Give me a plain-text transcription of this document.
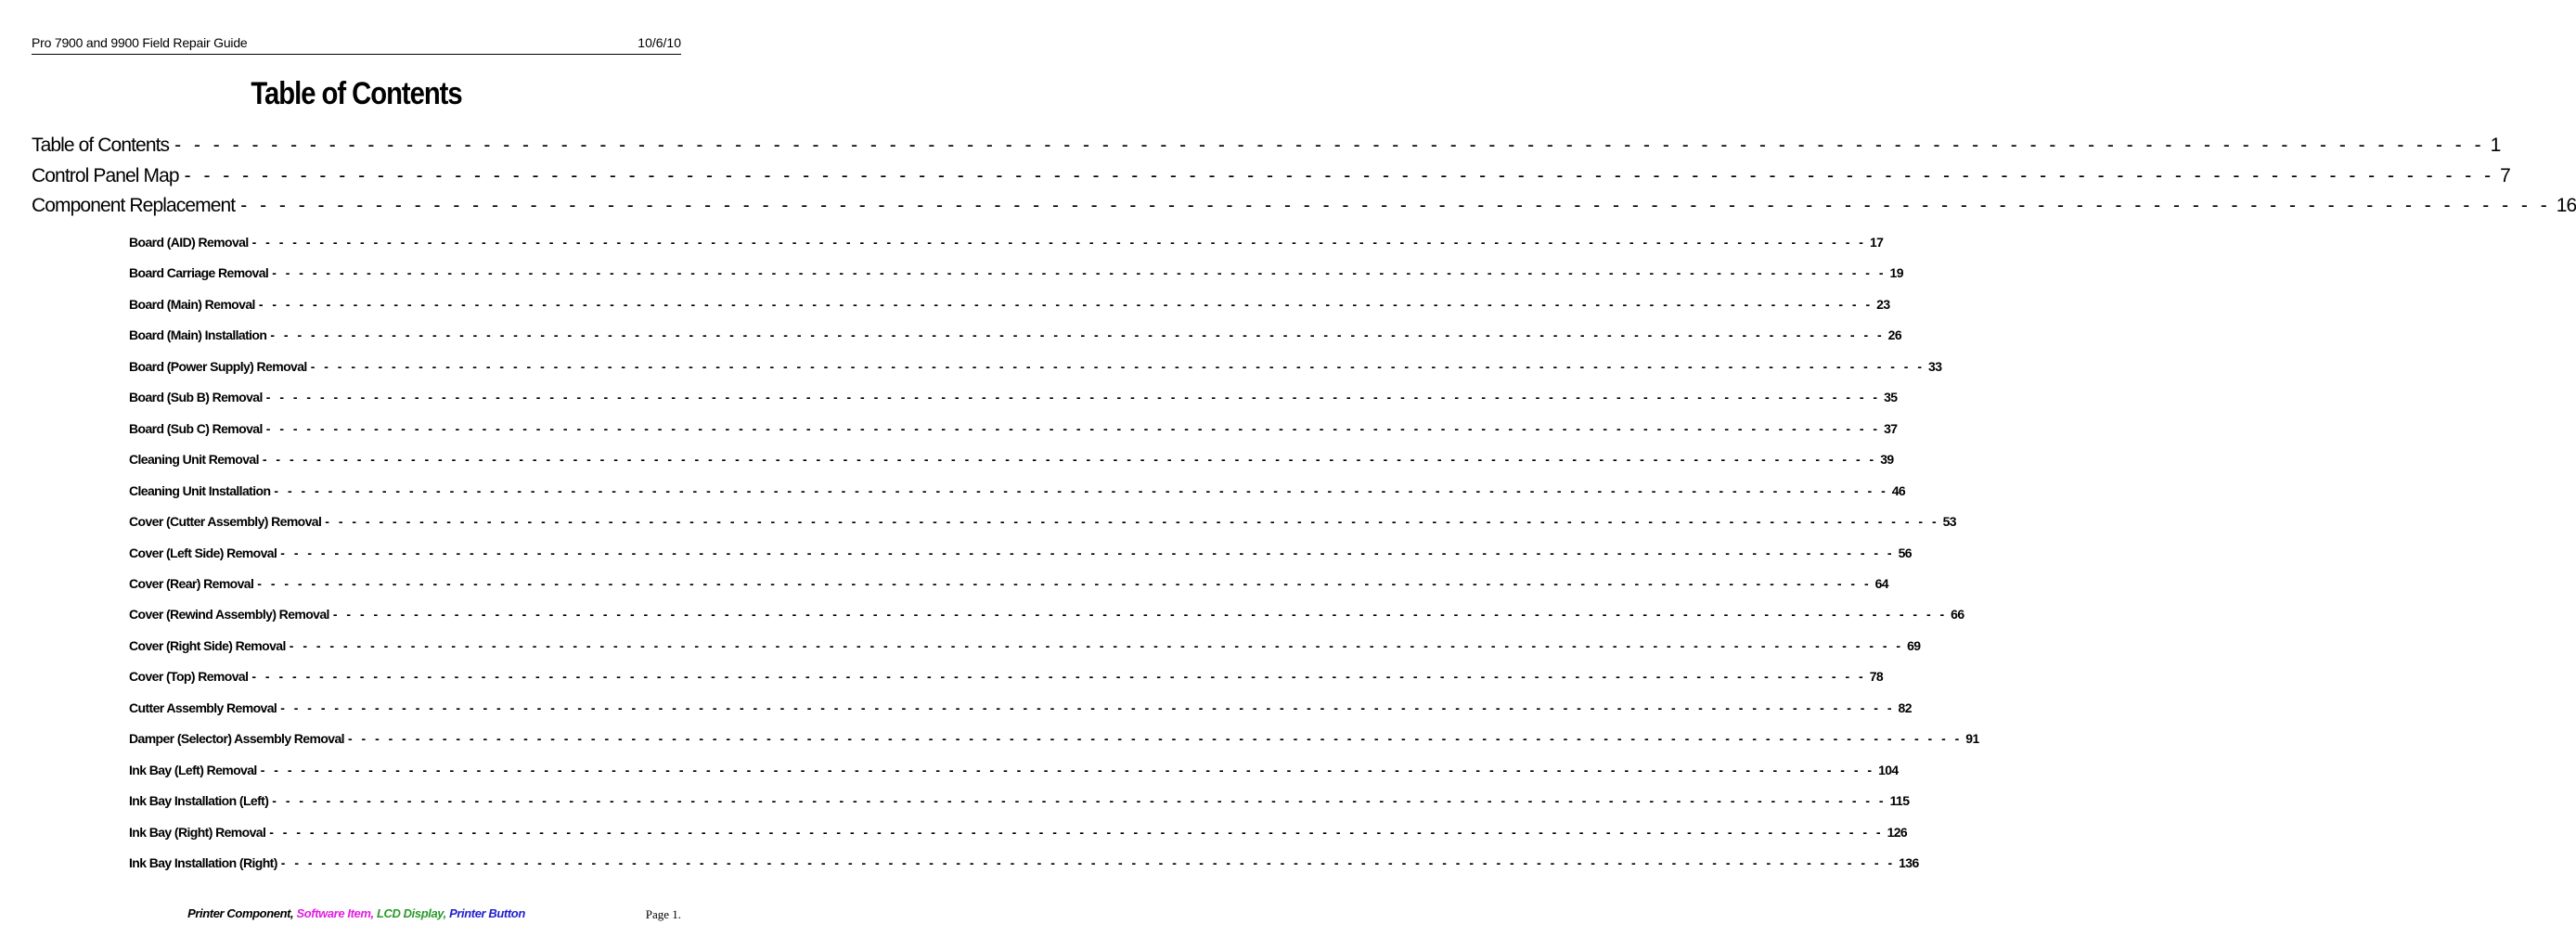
Pro 7900 and 9900 Field Repair Guide	10/6/10
Table of Contents
Table of Contents - - - - - - - - - - - - - - - - - - - - - - - - - - - - - - - - - - - - - - - - - - - - - - - - - - - - - - - - - - - - - - - - - - - - - - - - - - - - - - - - - - - - - - - - - - - - - - - - - - - - - - - - - - - - - - - - - - - - - - - - 1
Control Panel Map - - - - - - - - - - - - - - - - - - - - - - - - - - - - - - - - - - - - - - - - - - - - - - - - - - - - - - - - - - - - - - - - - - - - - - - - - - - - - - - - - - - - - - - - - - - - - - - - - - - - - - - - - - - - - - - - - - - - - - - - 7
Component Replacement - - - - - - - - - - - - - - - - - - - - - - - - - - - - - - - - - - - - - - - - - - - - - - - - - - - - - - - - - - - - - - - - - - - - - - - - - - - - - - - - - - - - - - - - - - - - - - - - - - - - - - - - - - - - - - - - - - - - - - - - 16
Board (AID) Removal - - - - - - - - - - - - - - - - - - - - - - - - - - - - - - - - - - - - - - - - - - - - - - - - - - - - - - - - - - - - - - - - - - - - - - - - - - - - - - - - - - - - - - - - - - - - - - - - - - - - - - - - - - - - - - - - - - - - - - - - 17
Board Carriage Removal - - - - - - - - - - - - - - - - - - - - - - - - - - - - - - - - - - - - - - - - - - - - - - - - - - - - - - - - - - - - - - - - - - - - - - - - - - - - - - - - - - - - - - - - - - - - - - - - - - - - - - - - - - - - - - - - - - - - - - - - 19
Board (Main) Removal - - - - - - - - - - - - - - - - - - - - - - - - - - - - - - - - - - - - - - - - - - - - - - - - - - - - - - - - - - - - - - - - - - - - - - - - - - - - - - - - - - - - - - - - - - - - - - - - - - - - - - - - - - - - - - - - - - - - - - - - 23
Board (Main) Installation - - - - - - - - - - - - - - - - - - - - - - - - - - - - - - - - - - - - - - - - - - - - - - - - - - - - - - - - - - - - - - - - - - - - - - - - - - - - - - - - - - - - - - - - - - - - - - - - - - - - - - - - - - - - - - - - - - - - - - - - 26
Board (Power Supply) Removal - - - - - - - - - - - - - - - - - - - - - - - - - - - - - - - - - - - - - - - - - - - - - - - - - - - - - - - - - - - - - - - - - - - - - - - - - - - - - - - - - - - - - - - - - - - - - - - - - - - - - - - - - - - - - - - - - - - - - - - - 33
Board (Sub B) Removal - - - - - - - - - - - - - - - - - - - - - - - - - - - - - - - - - - - - - - - - - - - - - - - - - - - - - - - - - - - - - - - - - - - - - - - - - - - - - - - - - - - - - - - - - - - - - - - - - - - - - - - - - - - - - - - - - - - - - - - - 35
Board (Sub C) Removal - - - - - - - - - - - - - - - - - - - - - - - - - - - - - - - - - - - - - - - - - - - - - - - - - - - - - - - - - - - - - - - - - - - - - - - - - - - - - - - - - - - - - - - - - - - - - - - - - - - - - - - - - - - - - - - - - - - - - - - - 37
Cleaning Unit Removal - - - - - - - - - - - - - - - - - - - - - - - - - - - - - - - - - - - - - - - - - - - - - - - - - - - - - - - - - - - - - - - - - - - - - - - - - - - - - - - - - - - - - - - - - - - - - - - - - - - - - - - - - - - - - - - - - - - - - - - - 39
Cleaning Unit Installation - - - - - - - - - - - - - - - - - - - - - - - - - - - - - - - - - - - - - - - - - - - - - - - - - - - - - - - - - - - - - - - - - - - - - - - - - - - - - - - - - - - - - - - - - - - - - - - - - - - - - - - - - - - - - - - - - - - - - - - - 46
Cover (Cutter Assembly) Removal - - - - - - - - - - - - - - - - - - - - - - - - - - - - - - - - - - - - - - - - - - - - - - - - - - - - - - - - - - - - - - - - - - - - - - - - - - - - - - - - - - - - - - - - - - - - - - - - - - - - - - - - - - - - - - - - - - - - - - - - 53
Cover (Left Side) Removal - - - - - - - - - - - - - - - - - - - - - - - - - - - - - - - - - - - - - - - - - - - - - - - - - - - - - - - - - - - - - - - - - - - - - - - - - - - - - - - - - - - - - - - - - - - - - - - - - - - - - - - - - - - - - - - - - - - - - - - - 56
Cover (Rear) Removal - - - - - - - - - - - - - - - - - - - - - - - - - - - - - - - - - - - - - - - - - - - - - - - - - - - - - - - - - - - - - - - - - - - - - - - - - - - - - - - - - - - - - - - - - - - - - - - - - - - - - - - - - - - - - - - - - - - - - - - - 64
Cover (Rewind Assembly) Removal - - - - - - - - - - - - - - - - - - - - - - - - - - - - - - - - - - - - - - - - - - - - - - - - - - - - - - - - - - - - - - - - - - - - - - - - - - - - - - - - - - - - - - - - - - - - - - - - - - - - - - - - - - - - - - - - - - - - - - - - 66
Cover (Right Side) Removal - - - - - - - - - - - - - - - - - - - - - - - - - - - - - - - - - - - - - - - - - - - - - - - - - - - - - - - - - - - - - - - - - - - - - - - - - - - - - - - - - - - - - - - - - - - - - - - - - - - - - - - - - - - - - - - - - - - - - - - - 69
Cover (Top) Removal - - - - - - - - - - - - - - - - - - - - - - - - - - - - - - - - - - - - - - - - - - - - - - - - - - - - - - - - - - - - - - - - - - - - - - - - - - - - - - - - - - - - - - - - - - - - - - - - - - - - - - - - - - - - - - - - - - - - - - - - 78
Cutter Assembly Removal - - - - - - - - - - - - - - - - - - - - - - - - - - - - - - - - - - - - - - - - - - - - - - - - - - - - - - - - - - - - - - - - - - - - - - - - - - - - - - - - - - - - - - - - - - - - - - - - - - - - - - - - - - - - - - - - - - - - - - - - 82
Damper (Selector) Assembly Removal - - - - - - - - - - - - - - - - - - - - - - - - - - - - - - - - - - - - - - - - - - - - - - - - - - - - - - - - - - - - - - - - - - - - - - - - - - - - - - - - - - - - - - - - - - - - - - - - - - - - - - - - - - - - - - - - - - - - - - - - 91
Ink Bay (Left) Removal - - - - - - - - - - - - - - - - - - - - - - - - - - - - - - - - - - - - - - - - - - - - - - - - - - - - - - - - - - - - - - - - - - - - - - - - - - - - - - - - - - - - - - - - - - - - - - - - - - - - - - - - - - - - - - - - - - - - - - - - 104
Ink Bay Installation (Left) - - - - - - - - - - - - - - - - - - - - - - - - - - - - - - - - - - - - - - - - - - - - - - - - - - - - - - - - - - - - - - - - - - - - - - - - - - - - - - - - - - - - - - - - - - - - - - - - - - - - - - - - - - - - - - - - - - - - - - - - 115
Ink Bay (Right) Removal - - - - - - - - - - - - - - - - - - - - - - - - - - - - - - - - - - - - - - - - - - - - - - - - - - - - - - - - - - - - - - - - - - - - - - - - - - - - - - - - - - - - - - - - - - - - - - - - - - - - - - - - - - - - - - - - - - - - - - - - 126
Ink Bay Installation (Right) - - - - - - - - - - - - - - - - - - - - - - - - - - - - - - - - - - - - - - - - - - - - - - - - - - - - - - - - - - - - - - - - - - - - - - - - - - - - - - - - - - - - - - - - - - - - - - - - - - - - - - - - - - - - - - - - - - - - - - - - 136
Printer Component, Software Item, LCD Display, Printer Button	Page 1.
